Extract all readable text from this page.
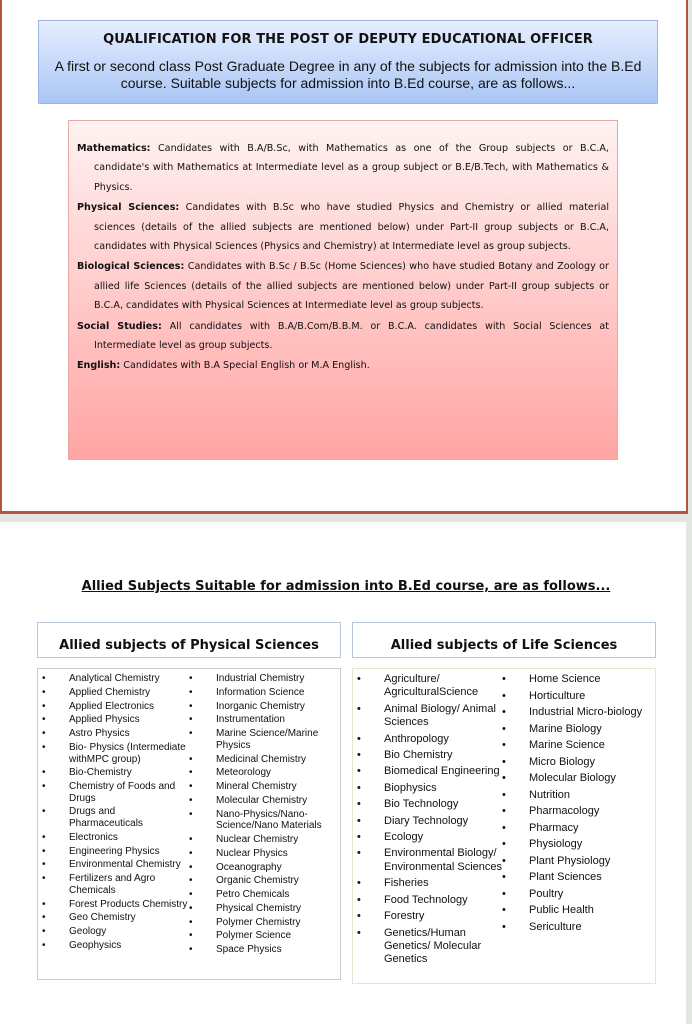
QUALIFICATION FOR THE POST OF DEPUTY EDUCATIONAL OFFICER
A first or second class Post Graduate Degree in any of the subjects for admission into the B.Ed course. Suitable subjects for admission into B.Ed course, are as follows...
Mathematics: Candidates with B.A/B.Sc, with Mathematics as one of the Group subjects or B.C.A, candidate's with Mathematics at Intermediate level as a group subject or B.E/B.Tech, with Mathematics & Physics.
Physical Sciences: Candidates with B.Sc who have studied Physics and Chemistry or allied material sciences (details of the allied subjects are mentioned below) under Part-II group subjects or B.C.A, candidates with Physical Sciences (Physics and Chemistry) at Intermediate level as group subjects.
Biological Sciences: Candidates with B.Sc / B.Sc (Home Sciences) who have studied Botany and Zoology or allied life Sciences (details of the allied subjects are mentioned below) under Part-II group subjects or B.C.A, candidates with Physical Sciences at Intermediate level as group subjects.
Social Studies: All candidates with B.A/B.Com/B.B.M. or B.C.A. candidates with Social Sciences at Intermediate level as group subjects.
English: Candidates with B.A Special English or M.A English.
Allied Subjects Suitable for admission into B.Ed course, are as follows...
Allied subjects of Physical Sciences	Allied subjects of Life Sciences
• Analytical Chemistry
• Applied Chemistry
• Applied Electronics
• Applied Physics
• Astro Physics
• Bio- Physics (Intermediate withMPC group)
• Bio-Chemistry
• Chemistry of Foods and Drugs
• Drugs and Pharmaceuticals
• Electronics
• Engineering Physics
• Environmental Chemistry
• Fertilizers and Agro Chemicals
• Forest Products Chemistry
• Geo Chemistry
• Geology
• Geophysics
• Industrial Chemistry
• Information Science
• Inorganic Chemistry
• Instrumentation
• Marine Science/Marine Physics
• Medicinal Chemistry
• Meteorology
• Mineral Chemistry
• Molecular Chemistry
• Nano-Physics/Nano-Science/Nano Materials
• Nuclear Chemistry
• Nuclear Physics
• Oceanography
• Organic Chemistry
• Petro Chemicals
• Physical Chemistry
• Polymer Chemistry
• Polymer Science
• Space Physics
• Agriculture/ AgriculturalScience
• Animal Biology/ Animal Sciences
• Anthropology
• Bio Chemistry
• Biomedical Engineering
• Biophysics
• Bio Technology
• Diary Technology
• Ecology
• Environmental Biology/ Environmental Sciences
• Fisheries
• Food Technology
• Forestry
• Genetics/Human Genetics/ Molecular Genetics
• Home Science
• Horticulture
• Industrial Micro-biology
• Marine Biology
• Marine Science
• Micro Biology
• Molecular Biology
• Nutrition
• Pharmacology
• Pharmacy
• Physiology
• Plant Physiology
• Plant Sciences
• Poultry
• Public Health
• Sericulture
